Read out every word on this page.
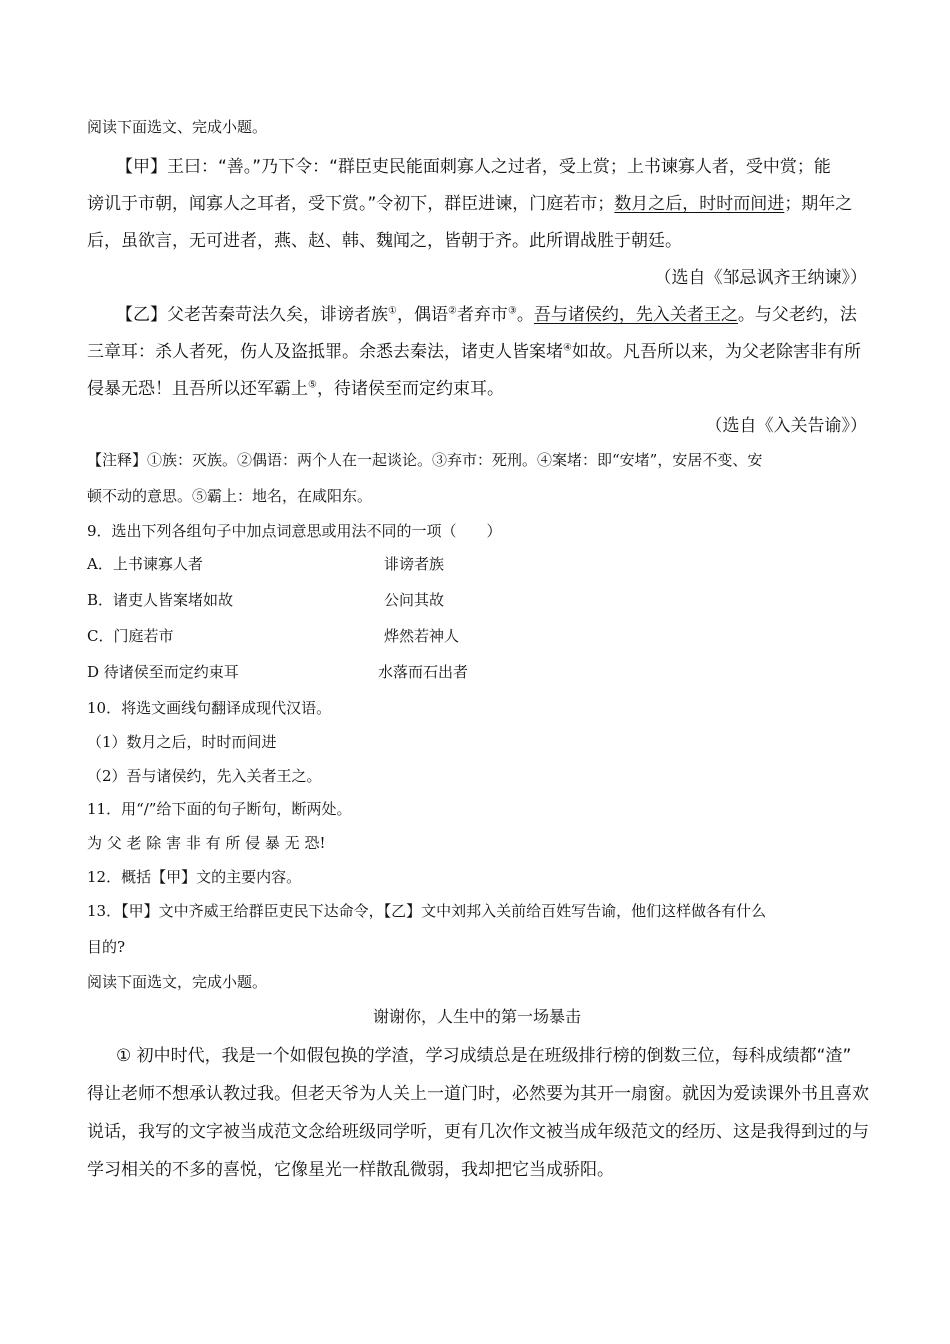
阅读下面选文、完成小题。
【甲】王曰：“善。”乃下令：“群臣吏民能面刺寡人之过者，受上赏；上书谏寡人者，受中赏；能
谤讥于市朝，闻寡人之耳者，受下赏。”令初下，群臣进谏，门庭若市；数月之后，时时而间进；期年之
后，虽欲言，无可进者，燕、赵、韩、魏闻之，皆朝于齐。此所谓战胜于朝廷。
（选自《邹忌讽齐王纳谏》）
【乙】父老苦秦苛法久矣，诽谤者族①，偶语②者弃市③。吾与诸侯约，先入关者王之。与父老约，法
三章耳：杀人者死，伤人及盗抵罪。余悉去秦法，诸吏人皆案堵④如故。凡吾所以来，为父老除害非有所
侵暴无恐！且吾所以还军霸上⑤，待诸侯至而定约束耳。
（选自《入关告谕》）
【注释】①族：灭族。②偶语：两个人在一起谈论。③弃市：死刑。④案堵：即“安堵”，安居不变、安
顿不动的意思。⑤霸上：地名，在咸阳东。
9．选出下列各组句子中加点词意思或用法不同的一项（　　）
A．上书谏寡人者	诽谤者族
B．诸吏人皆案堵如故	公问其故
C．门庭若市	烨然若神人
D 待诸侯至而定约束耳	水落而石出者
10．将选文画线句翻译成现代汉语。
（1）数月之后，时时而间进
（2）吾与诸侯约，先入关者王之。
11．用“/”给下面的句子断句，断两处。
为 父 老 除 害 非 有 所 侵 暴 无 恐!
12．概括【甲】文的主要内容。
13．【甲】文中齐威王给群臣吏民下达命令，【乙】文中刘邦入关前给百姓写告谕，他们这样做各有什么
目的?
阅读下面选文，完成小题。
谢谢你，人生中的第一场暴击
① 初中时代，我是一个如假包换的学渣，学习成绩总是在班级排行榜的倒数三位，每科成绩都“渣”
得让老师不想承认教过我。但老天爷为人关上一道门时，必然要为其开一扇窗。就因为爱读课外书且喜欢
说话，我写的文字被当成范文念给班级同学听，更有几次作文被当成年级范文的经历、这是我得到过的与
学习相关的不多的喜悦，它像星光一样散乱微弱，我却把它当成骄阳。
